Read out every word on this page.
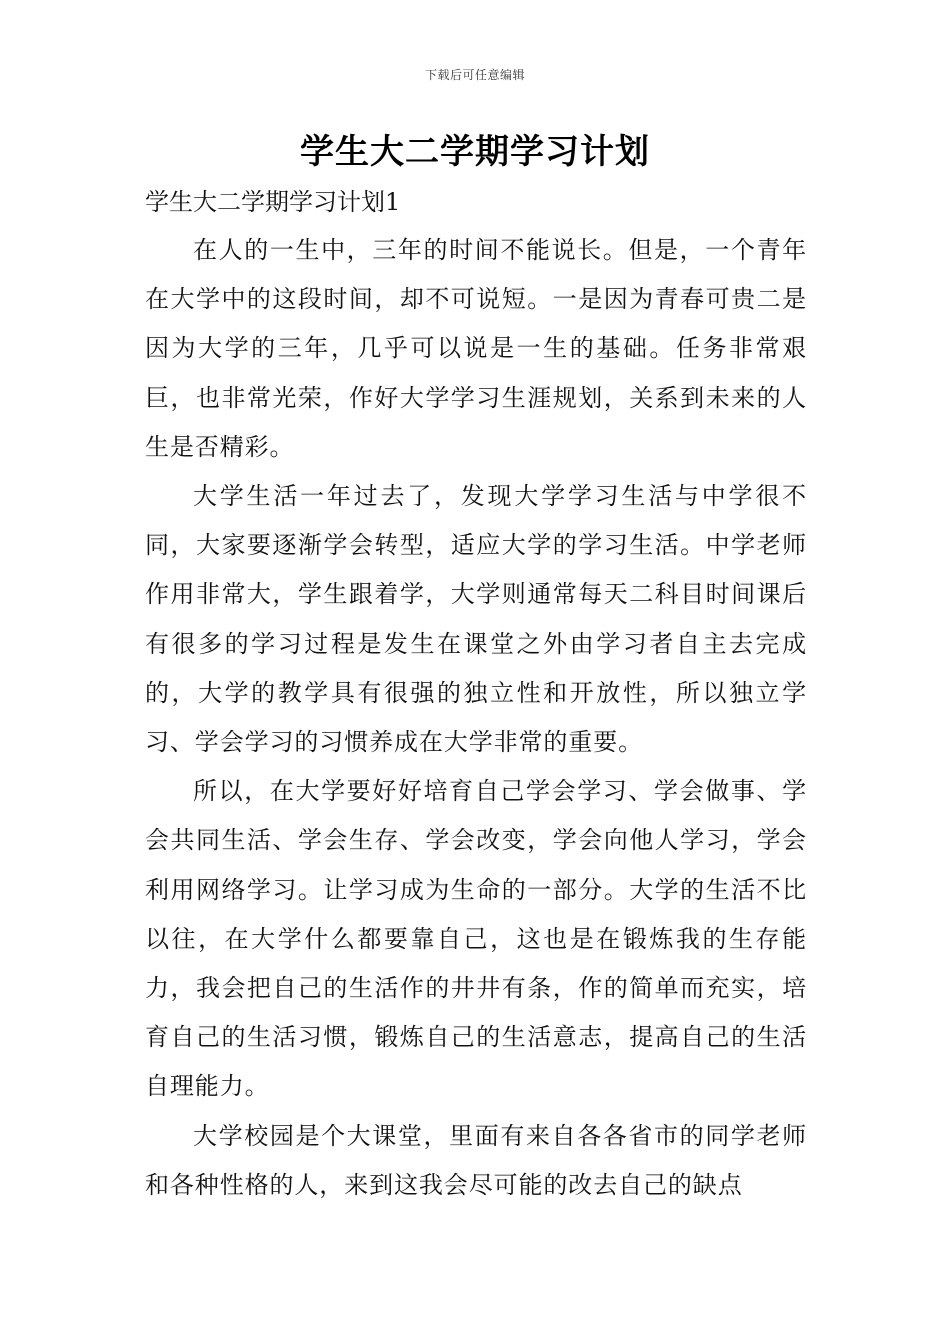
下载后可任意编辑
学生大二学期学习计划

学生大二学期学习计划1

在人的一生中，三年的时间不能说长。但是，一个青年在大学中的这段时间，却不可说短。一是因为青春可贵二是因为大学的三年，几乎可以说是一生的基础。任务非常艰巨，也非常光荣，作好大学学习生涯规划，关系到未来的人生是否精彩。

大学生活一年过去了，发现大学学习生活与中学很不同，大家要逐渐学会转型，适应大学的学习生活。中学老师作用非常大，学生跟着学，大学则通常每天二科目时间课后有很多的学习过程是发生在课堂之外由学习者自主去完成的，大学的教学具有很强的独立性和开放性，所以独立学习、学会学习的习惯养成在大学非常的重要。

所以，在大学要好好培育自己学会学习、学会做事、学会共同生活、学会生存、学会改变，学会向他人学习，学会利用网络学习。让学习成为生命的一部分。大学的生活不比以往，在大学什么都要靠自己，这也是在锻炼我的生存能力，我会把自己的生活作的井井有条，作的简单而充实，培育自己的生活习惯，锻炼自己的生活意志，提高自己的生活自理能力。

大学校园是个大课堂，里面有来自各各省市的同学老师和各种性格的人，来到这我会尽可能的改去自己的缺点
